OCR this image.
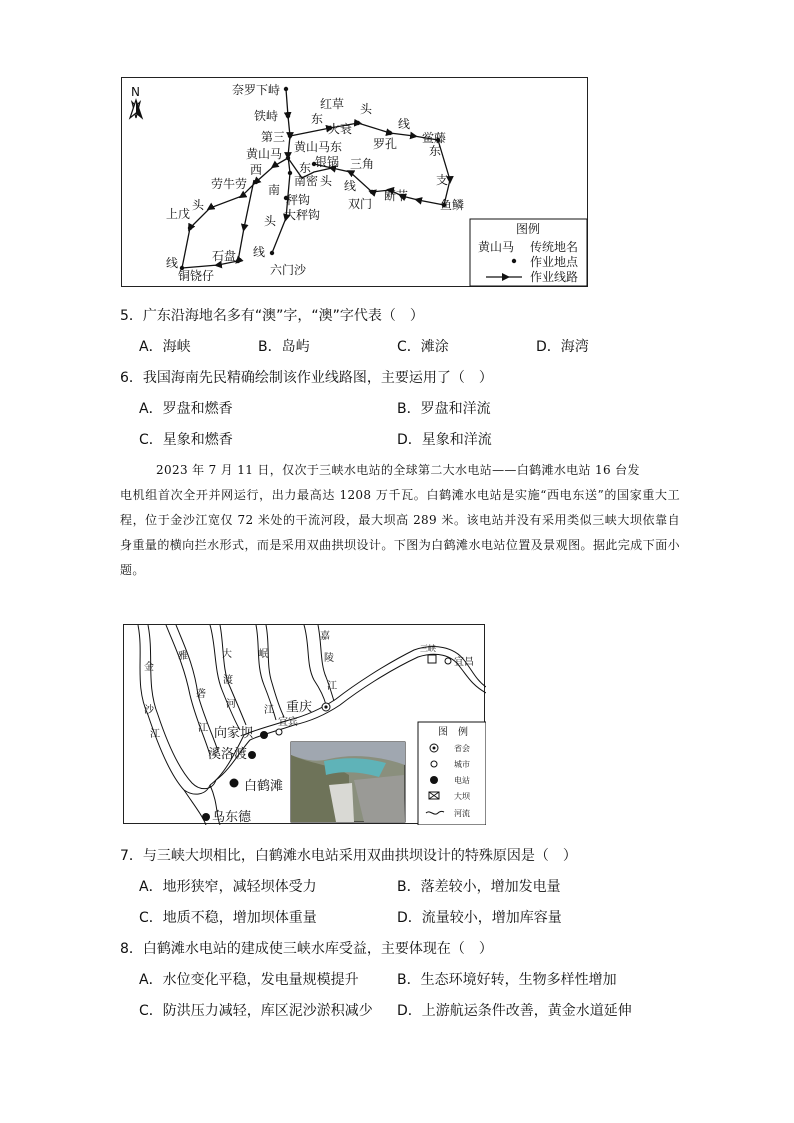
N	奈罗下峙
铁峙
红草
第三
火衰
黄山马东
黄山马
银锅 三角
罗孔 鲎藤
南密
劳牛劳
上戊
秤钩
大秤钩
双门
断节
鱼鳞
石盘
铜铙仔	六门沙
东
头
线
东
支
西	东
头 线
南
头
线
头
线
图例
黄山马 传统地名
作业地点
作业线路
5．广东沿海地名多有“澳”字，“澳”字代表（　）
A．海峡	B．岛屿	C．滩涂	D．海湾
6．我国海南先民精确绘制该作业线路图，主要运用了（　）
A．罗盘和燃香	B．罗盘和洋流
C．星象和燃香	D．星象和洋流

2023 年 7 月 11 日，仅次于三峡水电站的全球第二大水电站——白鹤滩水电站 16 台发

电机组首次全开并网运行，出力最高达 1208 万千瓦。白鹤滩水电站是实施“西电东送”的国家重大工程，位于金沙江宽仅 72 米处的干流河段，最大坝高 289 米。该电站并没有采用类似三峡大坝依靠自身重量的横向拦水形式，而是采用双曲拱坝设计。下图为白鹤滩水电站位置及景观图。据此完成下面小题。

金
沙
江
雅
砻
江
大
渡
河
岷
江
嘉
陵
江
三峡
宜昌
重庆
宜宾
向家坝
溪洛渡
白鹤滩
乌东德
图　例
省会
城市
电站
大坝
河流
7．与三峡大坝相比，白鹤滩水电站采用双曲拱坝设计的特殊原因是（　）
A．地形狭窄，减轻坝体受力	B．落差较小，增加发电量
C．地质不稳，增加坝体重量	D．流量较小，增加库容量
8．白鹤滩水电站的建成使三峡水库受益，主要体现在（　）
A．水位变化平稳，发电量规模提升	B．生态环境好转，生物多样性增加
C．防洪压力减轻，库区泥沙淤积减少 D．上游航运条件改善，黄金水道延伸
